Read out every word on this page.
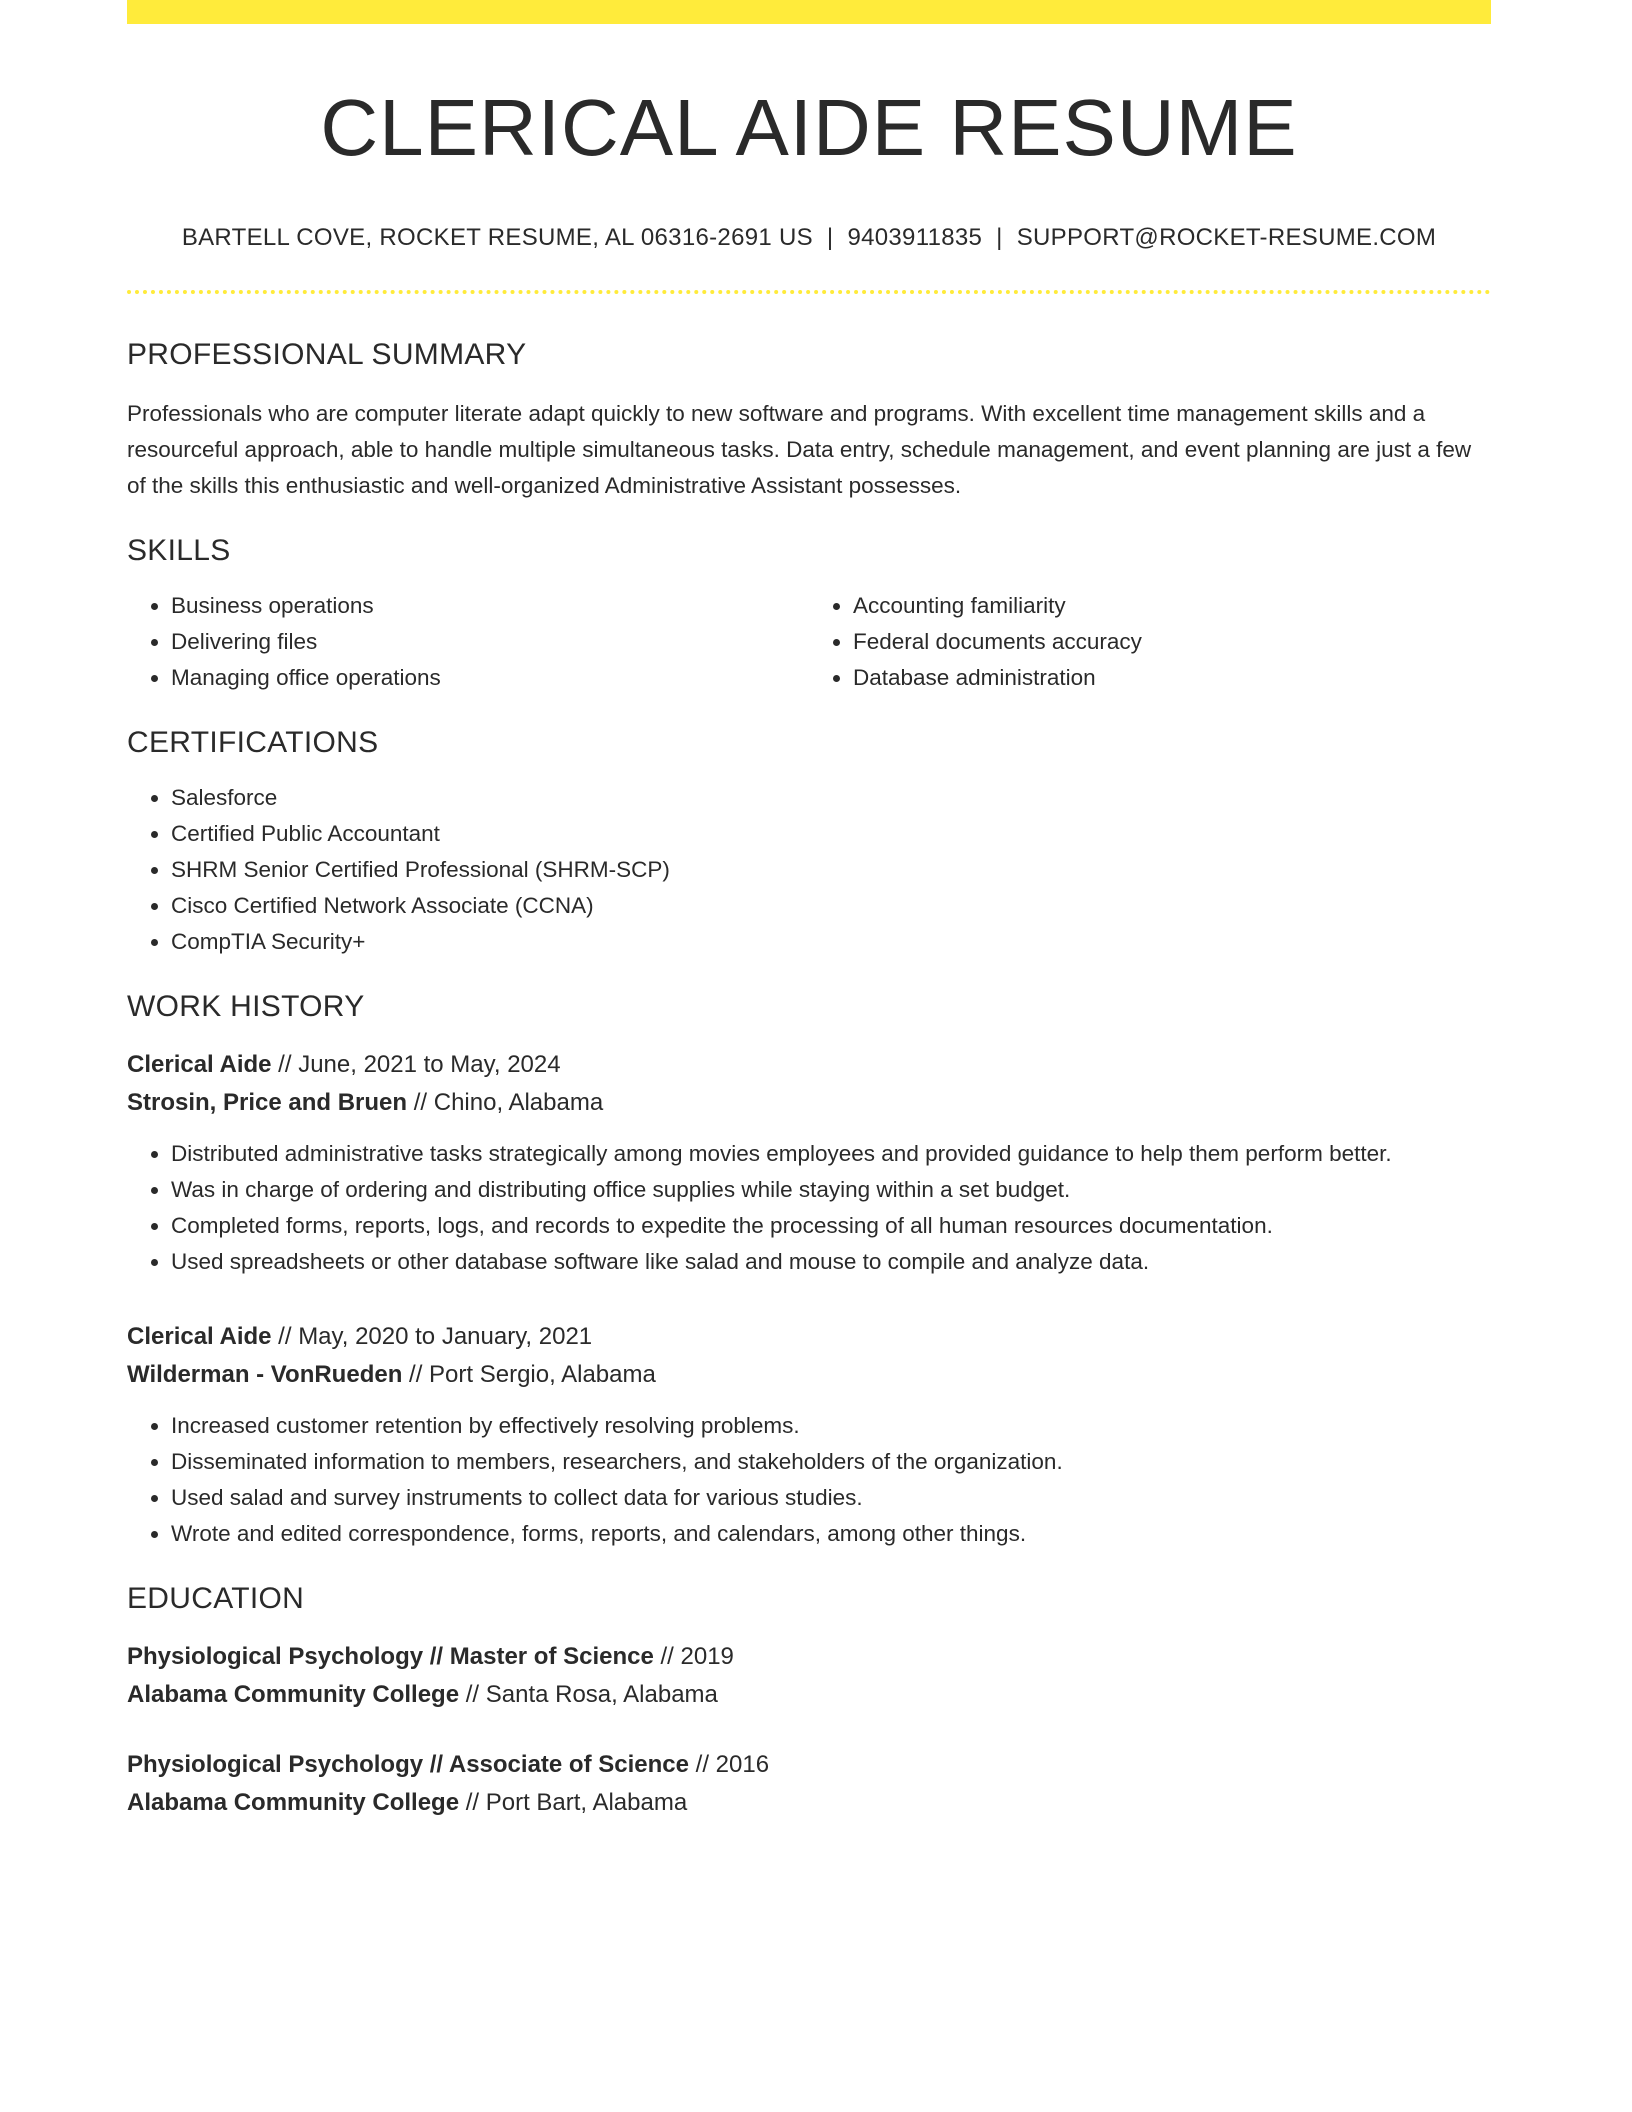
CLERICAL AIDE RESUME
BARTELL COVE, ROCKET RESUME, AL 06316-2691 US | 9403911835 | SUPPORT@ROCKET-RESUME.COM
PROFESSIONAL SUMMARY

Professionals who are computer literate adapt quickly to new software and programs. With excellent time management skills and a resourceful approach, able to handle multiple simultaneous tasks. Data entry, schedule management, and event planning are just a few of the skills this enthusiastic and well-organized Administrative Assistant possesses.

SKILLS
• Business operations
• Delivering files
• Managing office operations
• Accounting familiarity
• Federal documents accuracy
• Database administration
CERTIFICATIONS
• Salesforce
• Certified Public Accountant
• SHRM Senior Certified Professional (SHRM-SCP)
• Cisco Certified Network Associate (CCNA)
• CompTIA Security+
WORK HISTORY
Clerical Aide // June, 2021 to May, 2024
Strosin, Price and Bruen // Chino, Alabama
• Distributed administrative tasks strategically among movies employees and provided guidance to help them perform better.
• Was in charge of ordering and distributing office supplies while staying within a set budget.
• Completed forms, reports, logs, and records to expedite the processing of all human resources documentation.
• Used spreadsheets or other database software like salad and mouse to compile and analyze data.
Clerical Aide // May, 2020 to January, 2021
Wilderman - VonRueden // Port Sergio, Alabama
• Increased customer retention by effectively resolving problems.
• Disseminated information to members, researchers, and stakeholders of the organization.
• Used salad and survey instruments to collect data for various studies.
• Wrote and edited correspondence, forms, reports, and calendars, among other things.
EDUCATION
Physiological Psychology // Master of Science // 2019
Alabama Community College // Santa Rosa, Alabama
Physiological Psychology // Associate of Science // 2016
Alabama Community College // Port Bart, Alabama
